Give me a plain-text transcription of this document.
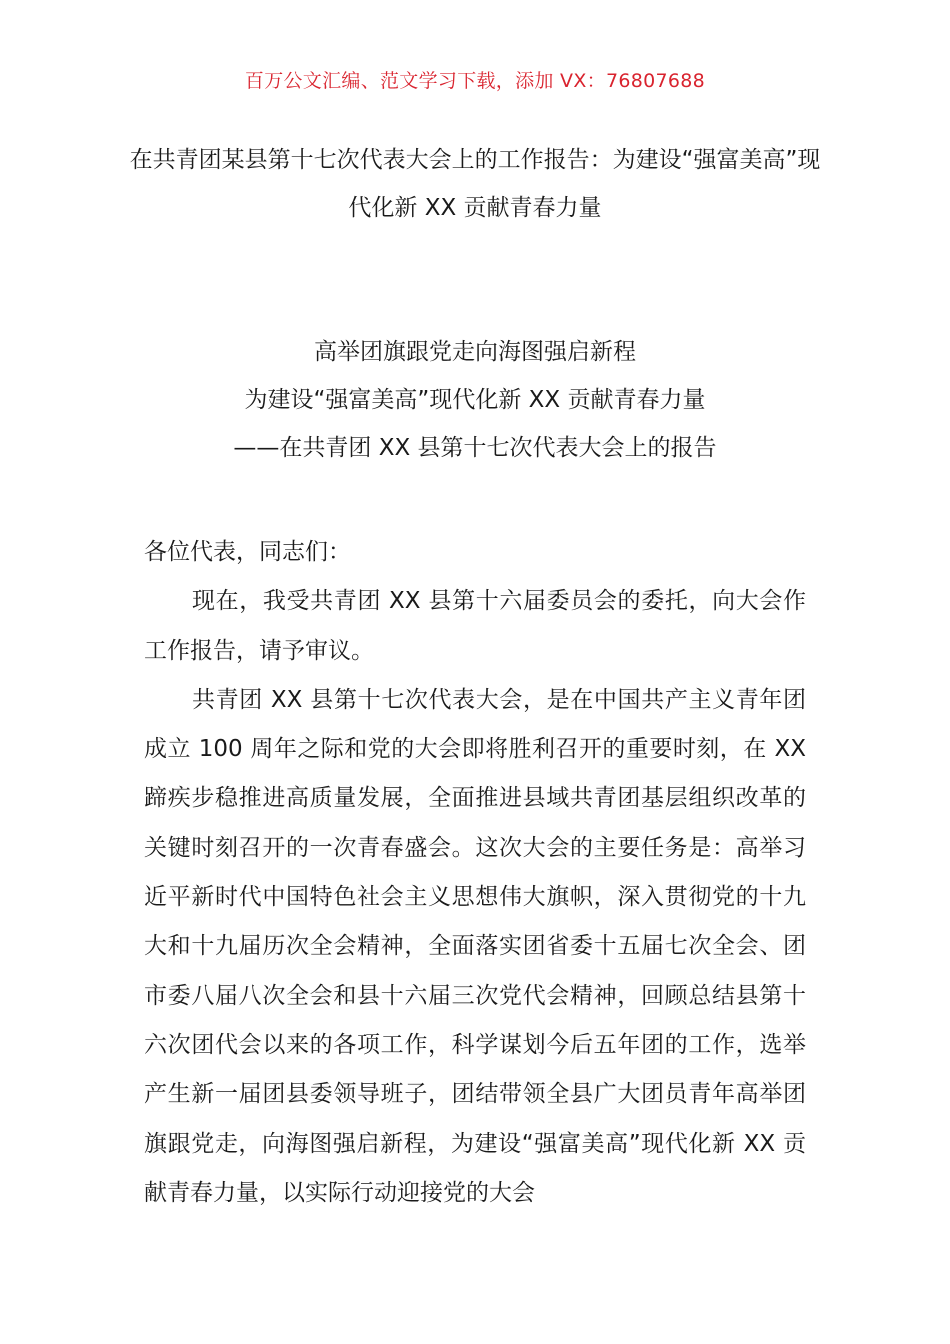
百万公文汇编、范文学习下载，添加 VX：76807688
在共青团某县第十七次代表大会上的工作报告：为建设“强富美高”现代化新 XX 贡献青春力量
高举团旗跟党走向海图强启新程
为建设“强富美高”现代化新 XX 贡献青春力量
——在共青团 XX 县第十七次代表大会上的报告
各位代表，同志们：

现在，我受共青团 XX 县第十六届委员会的委托，向大会作工作报告，请予审议。

共青团 XX 县第十七次代表大会，是在中国共产主义青年团成立 100 周年之际和党的大会即将胜利召开的重要时刻，在 XX 蹄疾步稳推进高质量发展，全面推进县域共青团基层组织改革的关键时刻召开的一次青春盛会。这次大会的主要任务是：高举习近平新时代中国特色社会主义思想伟大旗帜，深入贯彻党的十九大和十九届历次全会精神，全面落实团省委十五届七次全会、团市委八届八次全会和县十六届三次党代会精神，回顾总结县第十六次团代会以来的各项工作，科学谋划今后五年团的工作，选举产生新一届团县委领导班子，团结带领全县广大团员青年高举团旗跟党走，向海图强启新程，为建设“强富美高”现代化新 XX 贡献青春力量，以实际行动迎接党的大会
